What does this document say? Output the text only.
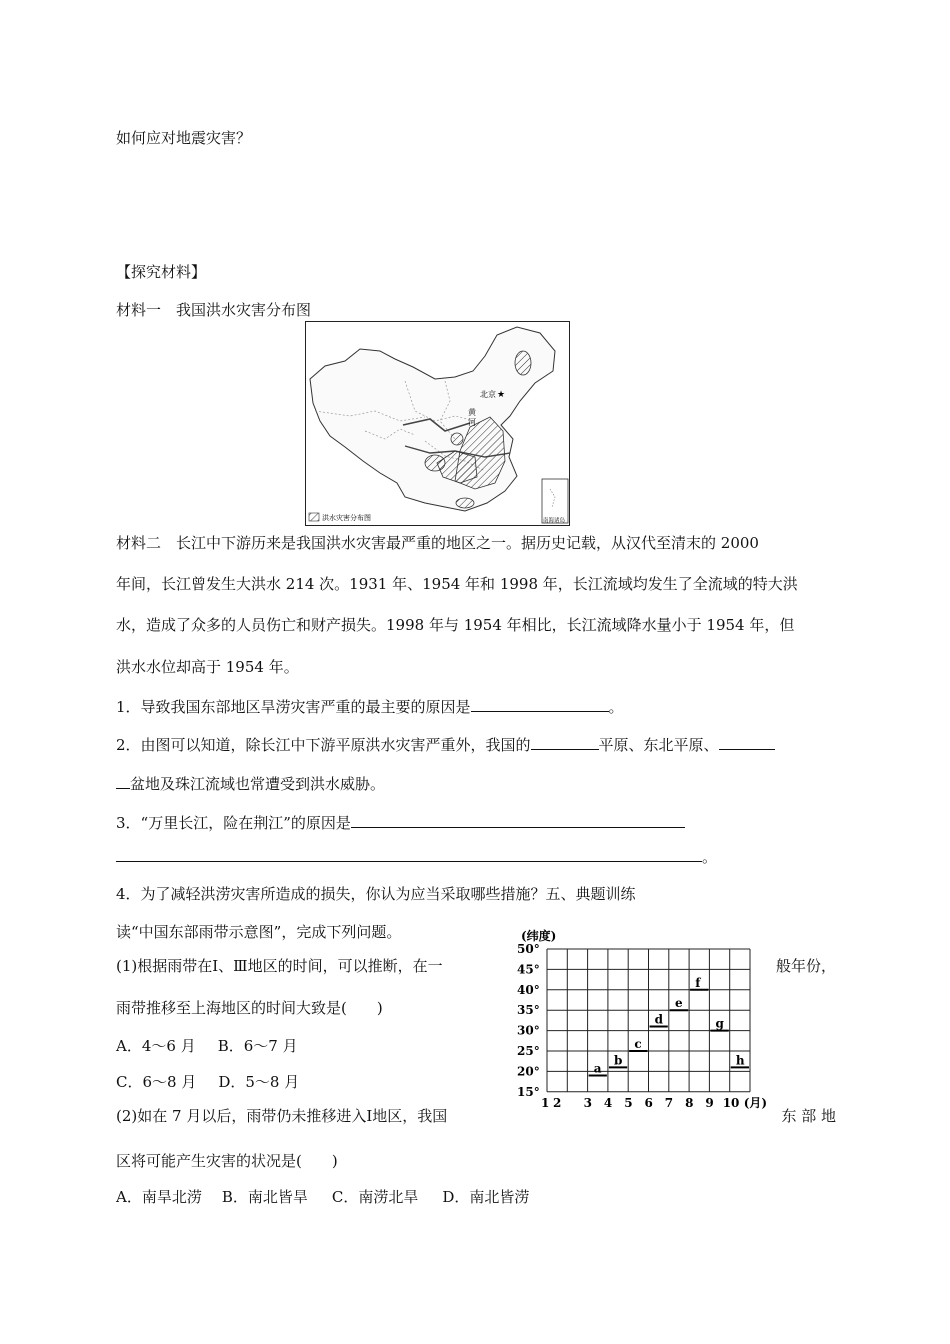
如何应对地震灾害？
【探究材料】
材料一　我国洪水灾害分布图
北京 ★
黄
河
洪水灾害分布图	南海诸岛
材料二　长江中下游历来是我国洪水灾害最严重的地区之一。据历史记载，从汉代至清末的 2000
年间，长江曾发生大洪水 214 次。1931 年、1954 年和 1998 年，长江流域均发生了全流域的特大洪
水，造成了众多的人员伤亡和财产损失。1998 年与 1954 年相比，长江流域降水量小于 1954 年，但
洪水水位却高于 1954 年。
1．导致我国东部地区旱涝灾害严重的最主要的原因是	。
2．由图可以知道，除长江中下游平原洪水灾害严重外，我国的	平原、东北平原、
盆地及珠江流域也常遭受到洪水威胁。
3．“万里长江，险在荆江”的原因是
。
4．为了减轻洪涝灾害所造成的损失，你认为应当采取哪些措施？五、典题训练
读“中国东部雨带示意图”，完成下列问题。
(1)根据雨带在Ⅰ、Ⅲ地区的时间，可以推断，在一	般年份，
雨带推移至上海地区的时间大致是(　　)
A．4～6 月 B．6～7 月
C．6～8 月 D．5～8 月
(2)如在 7 月以后，雨带仍未推移进入Ⅰ地区，我国	东 部 地
区将可能产生灾害的状况是(　　)
A．南旱北涝 B．南北皆旱 C．南涝北旱 D．南北皆涝
15°
20°
25°
30°
35°
40°
45°
50°
1 2 3 4 5 6 7 8 9 10 (月)
a
b
c
d
e
f
g
h
(纬度)
